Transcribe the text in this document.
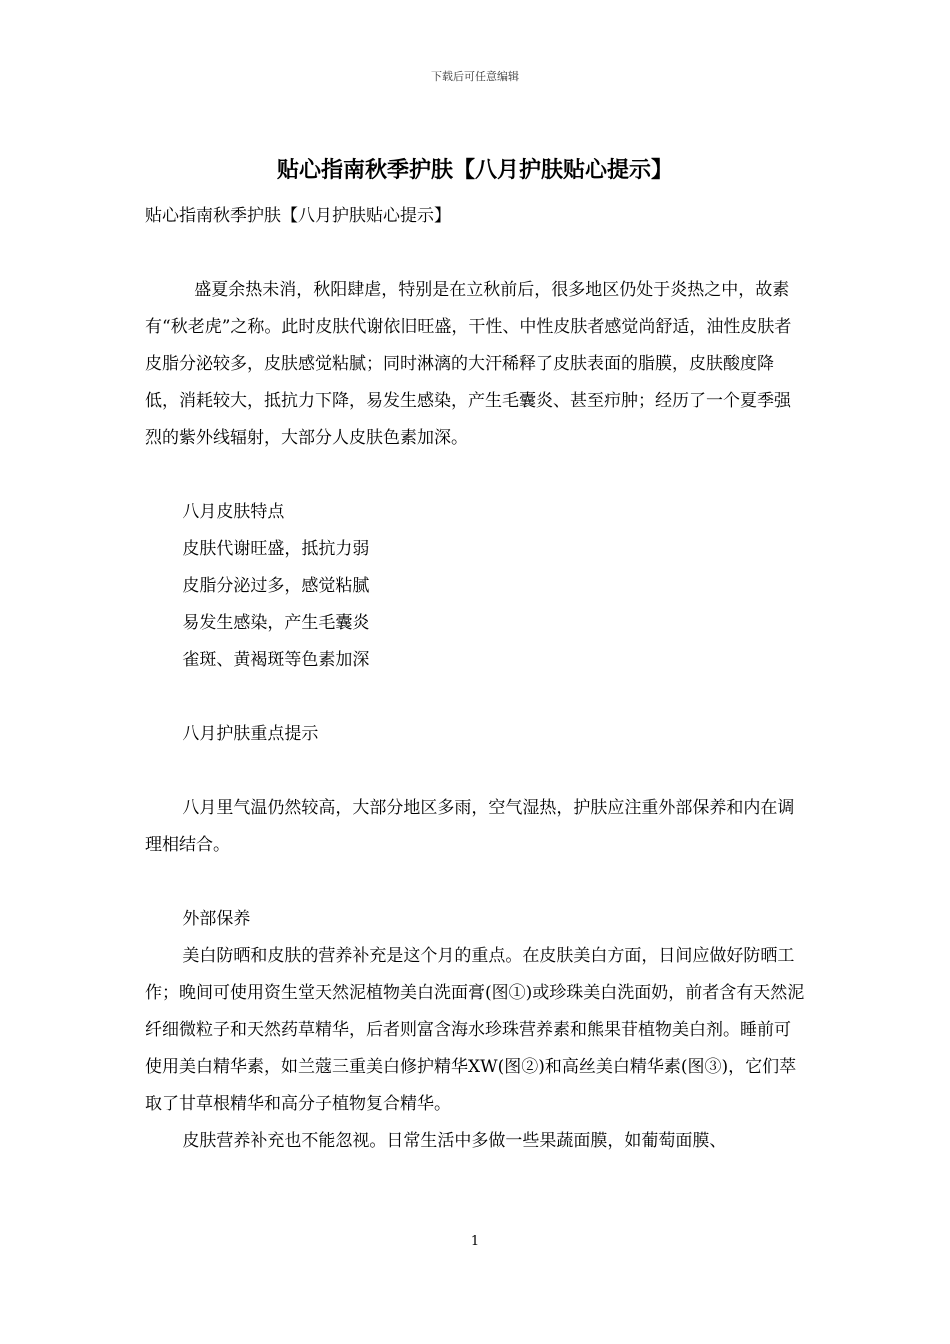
下载后可任意编辑
贴心指南秋季护肤【八月护肤贴心提示】

贴心指南秋季护肤【八月护肤贴心提示】

盛夏余热未消，秋阳肆虐，特别是在立秋前后，很多地区仍处于炎热之中，故素有“秋老虎”之称。此时皮肤代谢依旧旺盛，干性、中性皮肤者感觉尚舒适，油性皮肤者皮脂分泌较多，皮肤感觉粘腻；同时淋漓的大汗稀释了皮肤表面的脂膜，皮肤酸度降低，消耗较大，抵抗力下降，易发生感染，产生毛囊炎、甚至疖肿；经历了一个夏季强烈的紫外线辐射，大部分人皮肤色素加深。

八月皮肤特点

皮肤代谢旺盛，抵抗力弱

皮脂分泌过多，感觉粘腻

易发生感染，产生毛囊炎

雀斑、黄褐斑等色素加深

八月护肤重点提示

八月里气温仍然较高，大部分地区多雨，空气湿热，护肤应注重外部保养和内在调理相结合。

外部保养

美白防晒和皮肤的营养补充是这个月的重点。在皮肤美白方面，日间应做好防晒工作；晚间可使用资生堂天然泥植物美白洗面膏(图①)或珍珠美白洗面奶，前者含有天然泥纤细微粒子和天然药草精华，后者则富含海水珍珠营养素和熊果苷植物美白剂。睡前可使用美白精华素，如兰蔻三重美白修护精华XW(图②)和高丝美白精华素(图③)，它们萃取了甘草根精华和高分子植物复合精华。

皮肤营养补充也不能忽视。日常生活中多做一些果蔬面膜，如葡萄面膜、

1
